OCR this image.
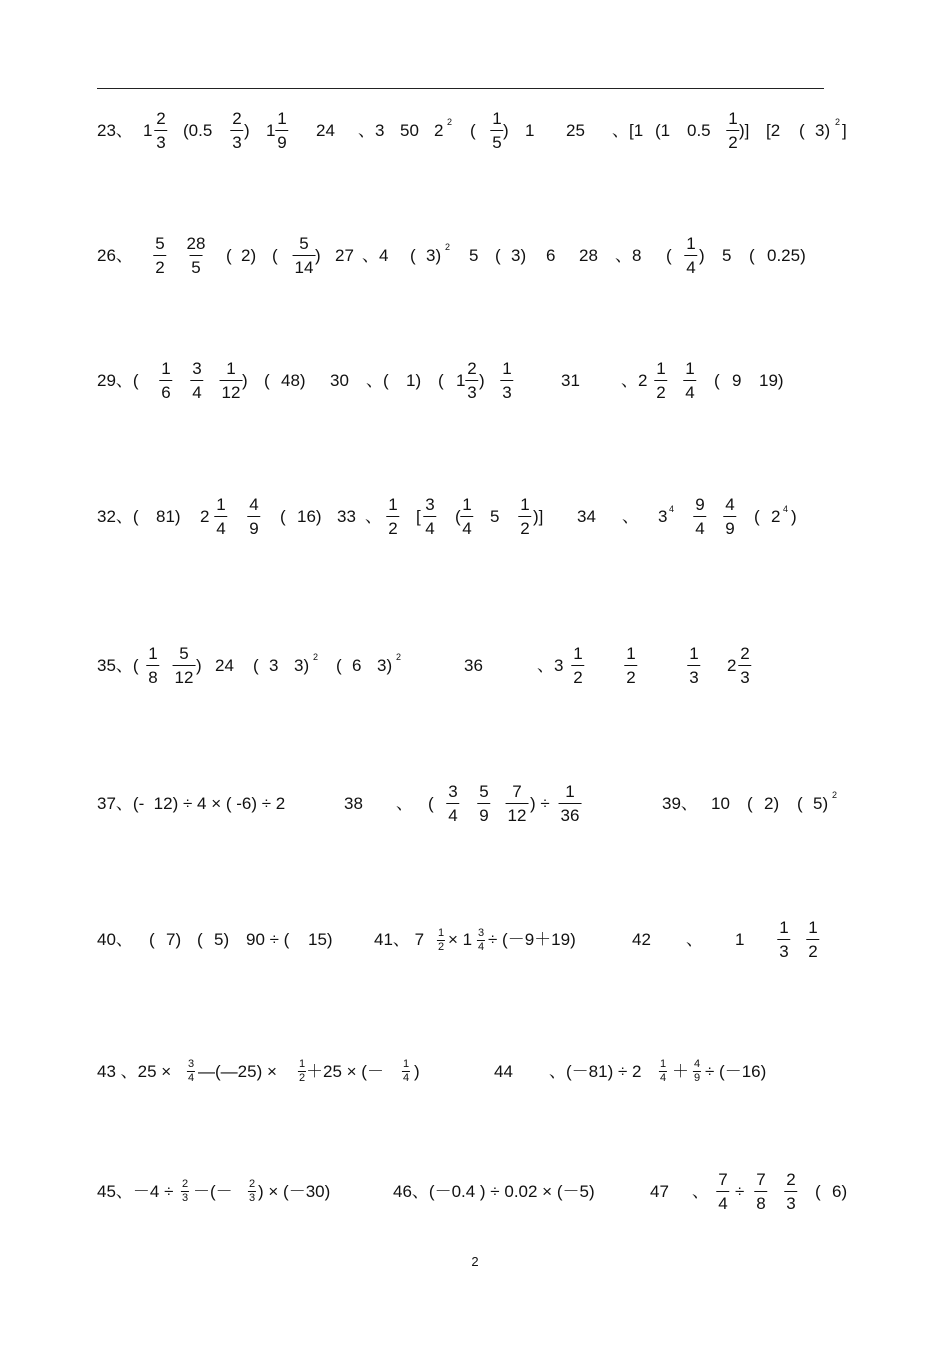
23、 1 (0.5 ) 1 24 、3 50 2 ( ) 1 25 、[1 (1 0.5 )] [2 ( 3) ]
$\frac{2}{3}$	$\frac{2}{3} \frac{1}{9}$	$\frac{1}{5}$	$\frac{1}{2}$
2	2
26、	( 2) ( ) 27 、4 ( 3) 5 ( 3) 6 28 、8 ( ) 5 ( 0.25)
$\frac{5}{2} \frac{28}{5}$	$\frac{5}{14}$	$\frac{1}{4}$
2
29、(	) ( 48) 30 、( 1) ( 1 )	31 、2	( 9 19)
$\frac{1}{6} \frac{3}{4} \frac{1}{12}$	$\frac{2}{3} \frac{1}{3}$	$\frac{1}{2} \frac{1}{4}$
32、( 81) 2	( 16) 33 、 [ ( 5 )] 34 、 3	( 2 )
$\frac{1}{4} \frac{4}{9}$	$\frac{1}{2} \frac{3}{4} \frac{1}{4}$	$\frac{1}{2}$	$\frac{9}{4} \frac{4}{9}$
4	4
35、(	) 24 ( 3 3) ( 6 3)	36	、3	2
$\frac{1}{8} \frac{5}{12}$	$\frac{1}{2} \frac{1}{2}$	$\frac{1}{3} \frac{2}{3}$
2	2
37、(-  12) ÷ 4 × ( -6) ÷ 2	38 、 (	) ÷	39、 10 ( 2) ( 5)
$\frac{3}{4} \frac{5}{9} \frac{7}{12} \frac{1}{36}$	2
40、 ( 7) ( 5) 90 ÷ ( 15) 41、 7 × 1 ÷ (－9＋19)	42 、 1
$\frac{1}{2}$	$\frac{3}{4}$	$\frac{1}{3} \frac{1}{2}$
43 、25 × —(—25) × ＋25 × (－ )	44 、(－81) ÷ 2 ＋ ÷ (－16)
$\frac{3}{4}$	$\frac{1}{2}$	$\frac{1}{4}$	$\frac{1}{4} \frac{4}{9}$
45、－4 ÷ －(－ ) × (－30)	46、(－0.4 ) ÷ 0.02 × (－5)	47 、 ÷	( 6)
$\frac{2}{3}$	$\frac{2}{3}$	$\frac{7}{4} \frac{7}{8} \frac{2}{3}$
2
